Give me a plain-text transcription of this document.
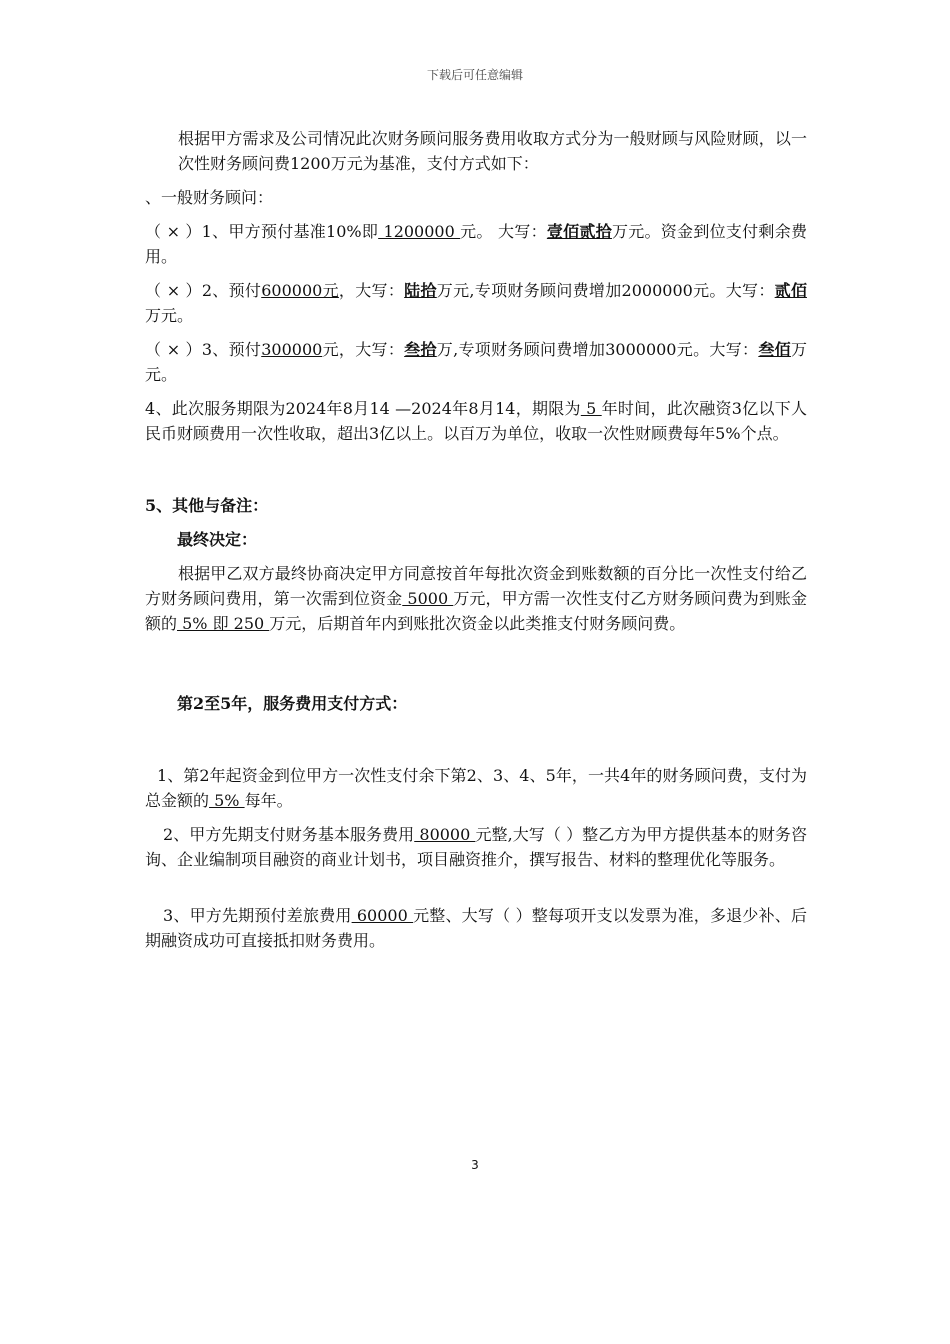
下载后可任意编辑

根据甲方需求及公司情况此次财务顾问服务费用收取方式分为一般财顾与风险财顾，以一次性财务顾问费1200万元为基准，支付方式如下：

、一般财务顾问：

（ × ）1、甲方预付基准10%即 1200000 元。 大写：壹佰贰拾万元。资金到位支付剩余费用。

（ × ）2、预付600000元，大写：陆拾万元,专项财务顾问费增加2000000元。大写：贰佰万元。

（ × ）3、预付300000元，大写：叁拾万,专项财务顾问费增加3000000元。大写：叁佰万元。

4、此次服务期限为2024年8月14 —2024年8月14，期限为 5 年时间，此次融资3亿以下人民币财顾费用一次性收取，超出3亿以上。以百万为单位，收取一次性财顾费每年5%个点。

5、其他与备注：

最终决定：

根据甲乙双方最终协商决定甲方同意按首年每批次资金到账数额的百分比一次性支付给乙方财务顾问费用，第一次需到位资金 5000 万元，甲方需一次性支付乙方财务顾问费为到账金额的 5% 即 250 万元，后期首年内到账批次资金以此类推支付财务顾问费。

第2至5年，服务费用支付方式：

1、第2年起资金到位甲方一次性支付余下第2、3、4、5年，一共4年的财务顾问费，支付为总金额的 5% 每年。

2、甲方先期支付财务基本服务费用 80000 元整,大写（ ）整乙方为甲方提供基本的财务咨询、企业编制项目融资的商业计划书，项目融资推介，撰写报告、材料的整理优化等服务。

3、甲方先期预付差旅费用 60000 元整、大写（ ）整每项开支以发票为准，多退少补、后期融资成功可直接抵扣财务费用。

3
